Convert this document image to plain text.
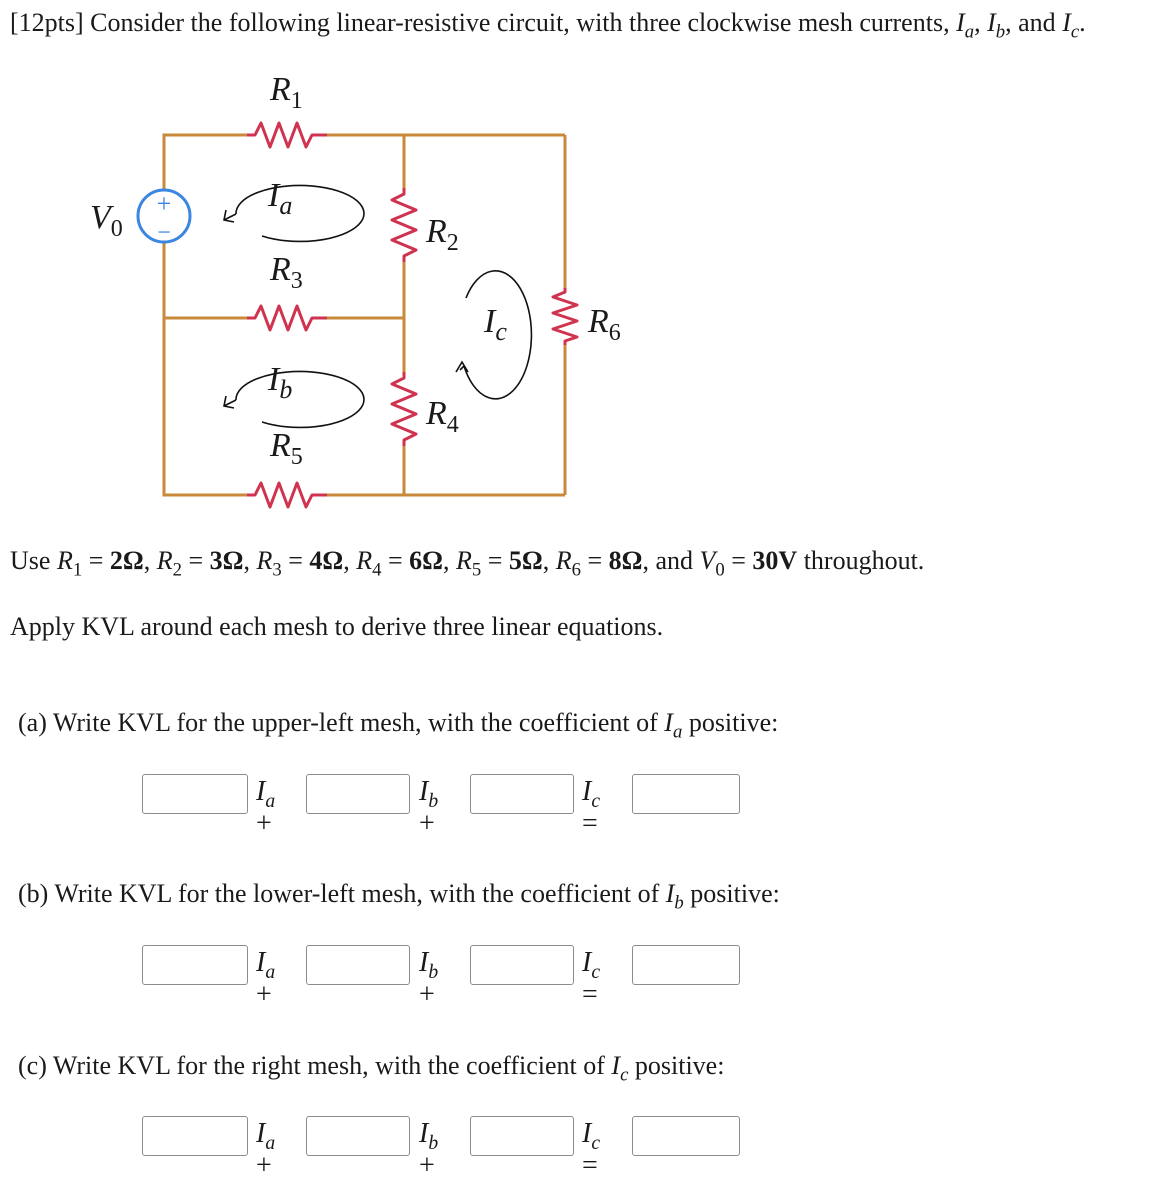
[12pts] Consider the following linear-resistive circuit, with three clockwise mesh currents, $I_a$, $I_b$, and $I_c$.
+
−
$R_1$
$I_a$
$V_0$	$R_2$
$R_3$
$I_c$ $R_6$
$I_b$
$R_4$
$R_5$
Use $R_1 = 2\Omega$, $R_2 = 3\Omega$, $R_3 = 4\Omega$, $R_4 = 6\Omega$, $R_5 = 5\Omega$, $R_6 = 8\Omega$, and $V_0 = 30V$ throughout.
Apply KVL around each mesh to derive three linear equations.
(a) Write KVL for the upper-left mesh, with the coefficient of $I_a$ positive:
$I_a$ +
$I_b$ +
$I_c$ =
(b) Write KVL for the lower-left mesh, with the coefficient of $I_b$ positive:
$I_a$ +
$I_b$ +
$I_c$ =
(c) Write KVL for the right mesh, with the coefficient of $I_c$ positive:
$I_a$ +
$I_b$ +
$I_c$ =
